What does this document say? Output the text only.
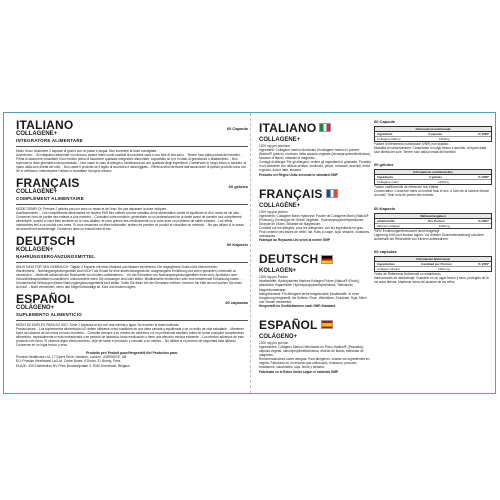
ITALIANO	60 Capsule
COLLAGENE+
INTEGRATORE ALIMENTARE

Modo d'uso: Assumere 2 capsule al giorno con un pasto e acqua. Non eccedere la dose consigliata.

Avvertenze: - Gli integratori alimentari non devono essere intesi come sostituti di una dieta varia e uno stile di vita sano. - Tenere fuori dalla portata dei bambini. - Prima di assumere consultare il tuo medico prima di assumere qualsiasi integratore alimentare, soprattutto se si è in stato di gravidanza o allattamento. - Non superare la dose giornaliera raccomandata. - Non usare in caso di allergia o intolleranza ad uno qualsiasi degli ingredienti. Conservare in luogo fresco e asciutto, al riparo dalla luce diretta del sole. - Non usare il prodotto se il sigillo di sicurezza è danneggiato. - Effetti avversi derivanti dall'assunzione di questo prodotto sono rari. Se si verificano, interrompere l'utilizzo e contattare il proprio medico.

FRANÇAIS	60 gélules
COLLAGÈNE+
COMPLÉMENT ALIMENTAIRE

MODE D'EMPLOI: Prendre 2 gélules par jour avec un repas et de l'eau. Ne pas dépasser la dose indiquée.

Avertissements : - Les compléments alimentaires ne doivent PAS être utilisés comme substitut d'une alimentation variée et équilibrée et d'un mode de vie sain. - Conserver hors de portée des enfants à tout moment. - Consultez votre médecin, généraliste ou un professionnel de la santé avant de prendre tout complément alimentaire, surtout si vous êtes enceinte ou si vous allaitez, et vous prenez des médicaments ou si vous avez un problème de santé existant. - Les effets indésirables liés à ce produit sont rares. Si vous ressentez un effet indésirable, arrêtez de prendre ce produit et consultez un médecin. - Ne pas utiliser si le sceau de sécurité est endommagé. Conserver dans un endroit frais et sec.

DEUTSCH	60 Kapseln
KOLLAGEN+
NAHRUNGSERGÄNZUNGSMITTEL

ANLEITUNG FÜR DEN GEBRAUCH: Täglich 2 Kapseln mit einer Mahlzeit und Wasser einnehmen. Die angegebene Dosis nicht überschreiten.

Warnhinweis: - Nahrungsergänzungsmittel sind NICHT als Ersatz für eine abwechslungsreiche, ausgewogene Ernährung und einen gesunden Lebensstil zu verwenden. - Jederzeit außerhalb der Reichweite von Kindern aufbewahren. - Vor der Einnahme von Nahrungsergänzungsmitteln einen Arzt, Apotheker oder Gesundheitsspezialisten konsultieren, insbesondere wenn Sie schwanger sind oder stillen, Medikamente einnehmen oder eine bestehende Erkrankung haben. - Unerwünschte Wirkungen dieses Nahrungsergänzungsmittels sind selten. Sollte Sie diese bei der Einnahme erleben, brechen Sie bitte ab und suchen Sie einen Arzt auf. - Nicht verwenden, wenn das Siegel beschädigt ist. Kühl und trocken lagern.

ESPAÑOL	60 cápsulas
COLÁGENO+
SUPLEMENTO ALIMENTICIO

MODO DE EMPLEO PARA SU USO: Tome 2 cápsulas al día con una comida y agua. No exceder la dosis indicada.

Precauciones: - Los suplementos alimenticios NO deben utilizarse como sustitutos de una dieta variada y equilibrada y de un estilo de vida saludable. - Mantener fuera del alcance de los niños en todo momento. - Consulte siempre a su médico de cabecera o a un profesional sanitario antes de tomar cualquier complemento alimenticio, especialmente si está embarazada o en periodo de lactancia, toma medicación o tiene una afección médica existente. - Los efectos adversos de este producto son raros. Si observa algún efecto adverso, deje de tomar el producto y consulte a su médico. - No utilizar si el precinto de seguridad está dañado. Conservar en un lugar fresco y seco.

Prodotto per/ Produit pour/Hergestellt für/ Productos para:
Prowise Healthcare Ltd, 17 Dyers Drive, Idmiston, London, UXBRIDGE, UB
EU: Prowise Healthcare Ltd Ltd, Cedre Bures, 9 Dinan, 31 Bonny, Paris
EU/UE: JOD Distribution NV Prins Boudewijnlaan 3, 9040 Erembode, Belgium
ITALIANO
COLLAGENE+
1200 mg per porzione

Ingredienti: Collagene marino Idrolizzato di collagene marino in polvere (Naticol® (pesce), involucro della capsula vegetale (idrossipropilmetilcellulosa), biossido di titanio, stearato di magnesio.

Consigli di allergia: Per gli allergeni, vedere gli ingredienti in grassetto. Prodotto in un ambiente che utilizza sedano, molluschi, pesce, crostacei, arachidi, frutta a guscio, soia e latte, sesamo.

Prodotto nel Regno Unito secondo lo standard GMP

FRANÇAIS
COLLAGÈNE+
1200 mg par portion

Ingrédients: Collagène Marin Hydrolysé Poudre de Collagène Marin (Naticol® (Poisson)), Enveloppe de Gélule Végétale : Hydroxypropylméthylcellulose, Dioxyde de Titane, Stéarate de Magnésium.

Conseils sur les allergies: pour les allergènes, voir les ingrédients en gras. Peut contenir des traces de céleri, lait, fruits à coque, soja, sésame, crustacés, mollusques.

Fabriqué au Royaume-Uni selon la norme GMP

DEUTSCH
KOLLAGEN+
1200 mg pro Portion

Inhaltsstoffe: Hydrolysiertes Marines Kollagen Pulver (Naticol® (Fisch)), pflanzliche Kapselhülle: Hydroxypropylmethylcellulose, Titandioxid, Magnesiumstearat.

Allergiehinweis: Für Allergene siehe fettgedruckte Inhaltsstoffe. In einer Umgebung hergestellt, die Sellerie, Fisch, Weichtiere, Erdnüsse, Soja, Milch und Sesam verarbeitet.

Hergestellt im Großbritannien nach GMP-Standard

ESPAÑOL
COLÁGENO+
1200 mg por porción

Ingredientes: Colágeno Marino Hidrolizado en Polvo (Naticol® (Pescado)), cápsula vegetal: hidroxipropilmetilcelulosa, dióxido de titanio, estearato de magnesio.

Recomendaciones sobre alergias: Para alérgenos, véanse los ingredientes en negrita. Fabricado en un entorno que utiliza apio, moluscos, pescado, crustáceos, cacahuetes, soja, leche y sésamo.

Fabricado en el Reino Unido según el estándar GMP

60 Capsule
Informazioni nutrizionali
Ingredienti	2 capsule	% VNR*
Collagene Marino	1200mg	-

*Valore di riferimento nutrizionale (VNR) non stabilito

Modalità di conservazione: Conservare in luogo fresco e asciutto, al riparo dalla luce diretta del sole. Tenere fuori dalla portata dei bambini.

60 gélules
Informations nutritionnelles
Ingrédients	2 gélules	% VNR*
Collagène marin	1200mg	-

*Valeur nutritionnelle de référence non établie

Conservation: Conserver dans un endroit frais et sec, à l'abri de la lumière directe du soleil. Tenir hors de portée des enfants.

60 Kapseln
Nährwertangaben
Inhaltsstoffe	Pro Portion	% NRV*
Marines Kollagen	1200mg	-

*NRV Ernährungsreferenzwert nicht festgelegt

Lagerung: Kühl und trocken lagern. Vor direkter Sonneneinstrahlung schützen. Außerhalb der Reichweite von Kindern aufbewahren.

60 cápsulas
Información Nutricional
Ingredientes	Cantidad por Porción	% VRN*
Colágeno Marino	1200 mg	-

*Valor de Referencia Nutricional no establecido

Instrucciones de almacenaje: Guárdelo en un lugar fresco y seco, protegido de la luz solar directa. Mantener fuera del alcance de los niños.
